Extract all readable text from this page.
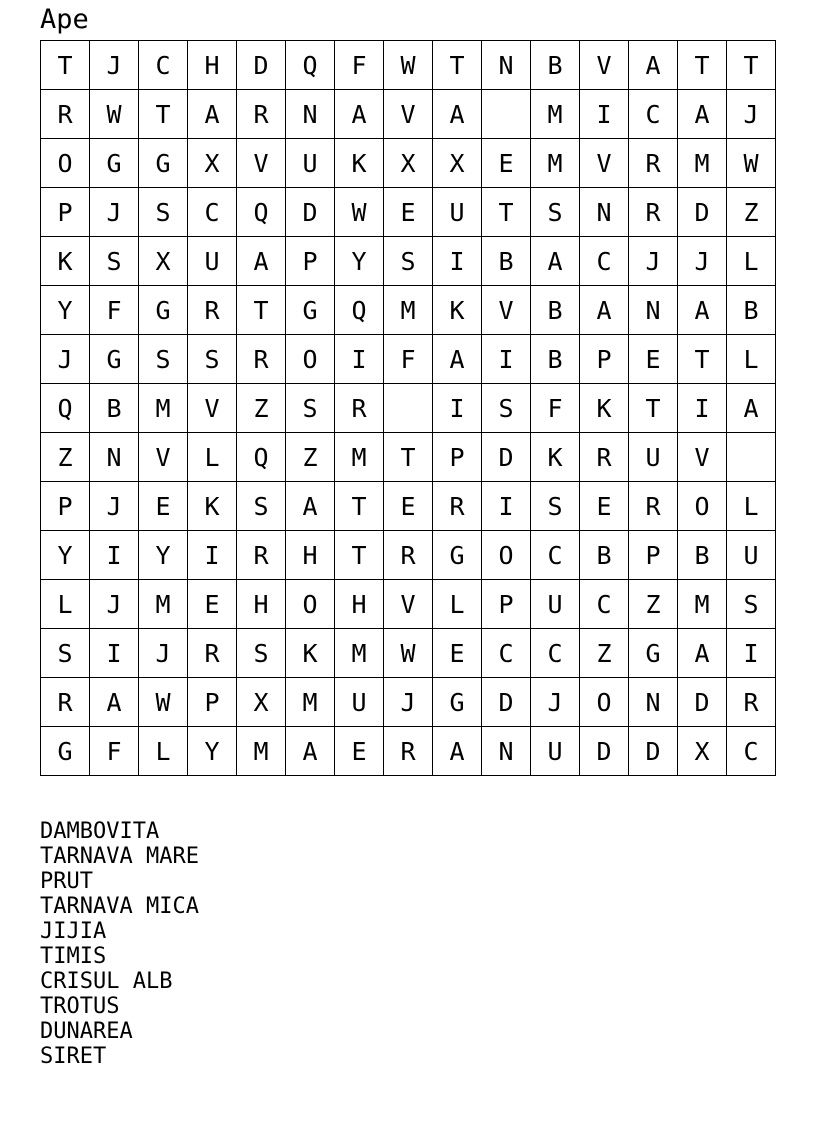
Ape
T	J	C	H	D	Q	F	W	T	N	B	V	A	T	T
R	W	T	A	R	N	A	V	A		M	I	C	A	J
O	G	G	X	V	U	K	X	X	E	M	V	R	M	W
P	J	S	C	Q	D	W	E	U	T	S	N	R	D	Z
K	S	X	U	A	P	Y	S	I	B	A	C	J	J	L
Y	F	G	R	T	G	Q	M	K	V	B	A	N	A	B
J	G	S	S	R	O	I	F	A	I	B	P	E	T	L
Q	B	M	V	Z	S	R		I	S	F	K	T	I	A
Z	N	V	L	Q	Z	M	T	P	D	K	R	U	V	
P	J	E	K	S	A	T	E	R	I	S	E	R	O	L
Y	I	Y	I	R	H	T	R	G	O	C	B	P	B	U
L	J	M	E	H	O	H	V	L	P	U	C	Z	M	S
S	I	J	R	S	K	M	W	E	C	C	Z	G	A	I
R	A	W	P	X	M	U	J	G	D	J	O	N	D	R
G	F	L	Y	M	A	E	R	A	N	U	D	D	X	C
DAMBOVITA
TARNAVA MARE
PRUT
TARNAVA MICA
JIJIA
TIMIS
CRISUL ALB
TROTUS
DUNAREA
SIRET
